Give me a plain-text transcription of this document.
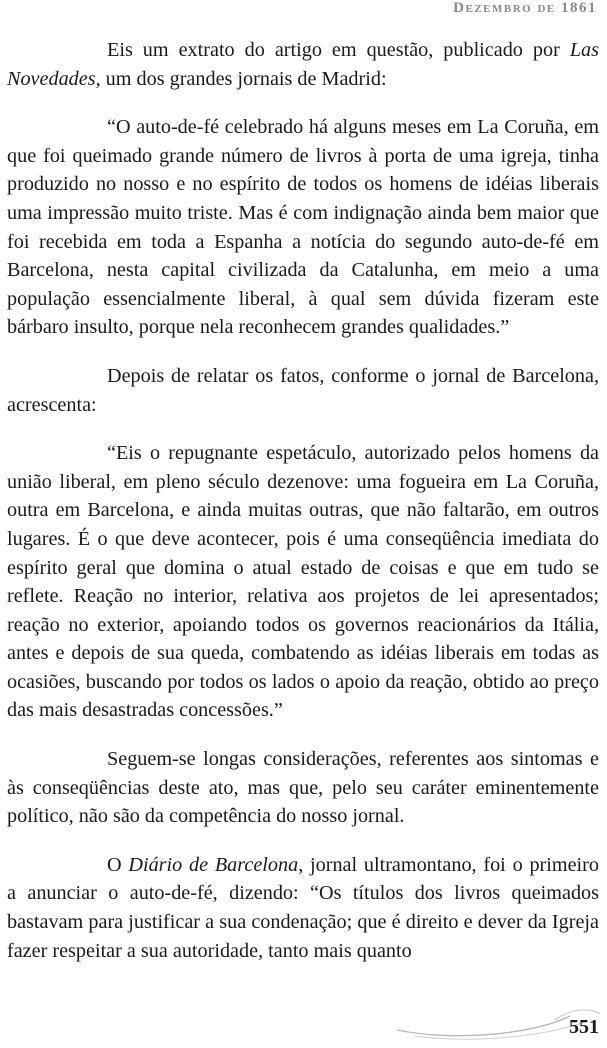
Dezembro de 1861

Eis um extrato do artigo em questão, publicado por Las Novedades, um dos grandes jornais de Madrid:

“O auto-de-fé celebrado há alguns meses em La Coruña, em que foi queimado grande número de livros à porta de uma igreja, tinha produzido no nosso e no espírito de todos os homens de idéias liberais uma impressão muito triste. Mas é com indignação ainda bem maior que foi recebida em toda a Espanha a notícia do segundo auto-de-fé em Barcelona, nesta capital civilizada da Catalunha, em meio a uma população essencialmente liberal, à qual sem dúvida fizeram este bárbaro insulto, porque nela reconhecem grandes qualidades.”

Depois de relatar os fatos, conforme o jornal de Barcelona, acrescenta:

“Eis o repugnante espetáculo, autorizado pelos homens da união liberal, em pleno século dezenove: uma fogueira em La Coruña, outra em Barcelona, e ainda muitas outras, que não faltarão, em outros lugares. É o que deve acontecer, pois é uma conseqüência imediata do espírito geral que domina o atual estado de coisas e que em tudo se reflete. Reação no interior, relativa aos projetos de lei apresentados; reação no exterior, apoiando todos os governos reacionários da Itália, antes e depois de sua queda, combatendo as idéias liberais em todas as ocasiões, buscando por todos os lados o apoio da reação, obtido ao preço das mais desastradas concessões.”

Seguem-se longas considerações, referentes aos sintomas e às conseqüências deste ato, mas que, pelo seu caráter eminentemente político, não são da competência do nosso jornal.

O Diário de Barcelona, jornal ultramontano, foi o primeiro a anunciar o auto-de-fé, dizendo: “Os títulos dos livros queimados bastavam para justificar a sua condenação; que é direito e dever da Igreja fazer respeitar a sua autoridade, tanto mais quanto

551
